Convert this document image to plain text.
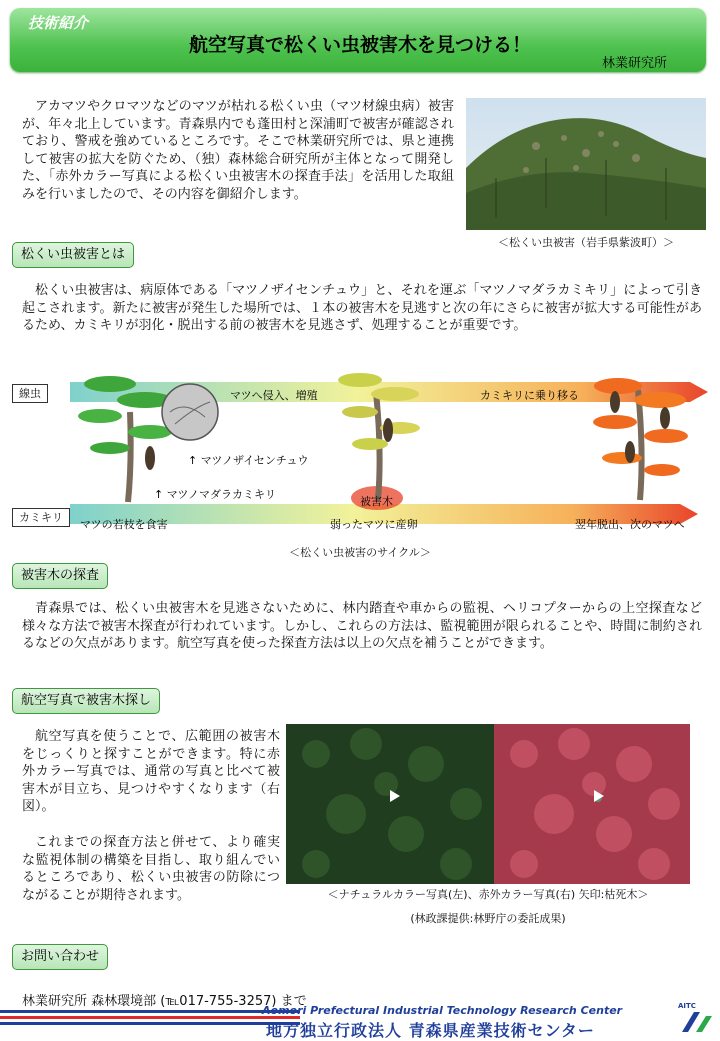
技術紹介
航空写真で松くい虫被害木を見つける！
林業研究所

アカマツやクロマツなどのマツが枯れる松くい虫（マツ材線虫病）被害が、年々北上しています。青森県内でも蓬田村と深浦町で被害が確認されており、警戒を強めているところです。そこで林業研究所では、県と連携して被害の拡大を防ぐため、（独）森林総合研究所が主体となって開発した、「赤外カラー写真による松くい虫被害木の探査手法」を活用した取組みを行いましたので、その内容を御紹介します。

＜松くい虫被害（岩手県紫波町）＞
松くい虫被害とは

松くい虫被害は、病原体である「マツノザイセンチュウ」と、それを運ぶ「マツノマダラカミキリ」によって引き起こされます。新たに被害が発生した場所では、１本の被害木を見逃すと次の年にさらに被害が拡大する可能性があるため、カミキリが羽化・脱出する前の被害木を見逃さず、処理することが重要です。

線虫
カミキリ
マツへ侵入、増殖	カミキリに乗り移る
↑ マツノザイセンチュウ
↑ マツノマダラカミキリ
被害木
マツの若枝を食害	弱ったマツに産卵	翌年脱出、次のマツへ
＜松くい虫被害のサイクル＞
被害木の探査

青森県では、松くい虫被害木を見逃さないために、林内踏査や車からの監視、ヘリコプターからの上空探査など様々な方法で被害木探査が行われています。しかし、これらの方法は、監視範囲が限られることや、時間に制約されるなどの欠点があります。航空写真を使った探査方法は以上の欠点を補うことができます。

航空写真で被害木探し

航空写真を使うことで、広範囲の被害木をじっくりと探すことができます。特に赤外カラー写真では、通常の写真と比べて被害木が目立ち、見つけやすくなります（右図）。

これまでの探査方法と併せて、より確実な監視体制の構築を目指し、取り組んでいるところであり、松くい虫被害の防除につながることが期待されます。	＜ナチュラルカラー写真(左)、赤外カラー写真(右) 矢印:枯死木＞
(林政課提供:林野庁の委託成果)
お問い合わせ
林業研究所 森林環境部 (℡017-755-3257) まで
Aomori Prefectural Industrial Technology Research Center
地方独立行政法人 青森県産業技術センター
AITC
